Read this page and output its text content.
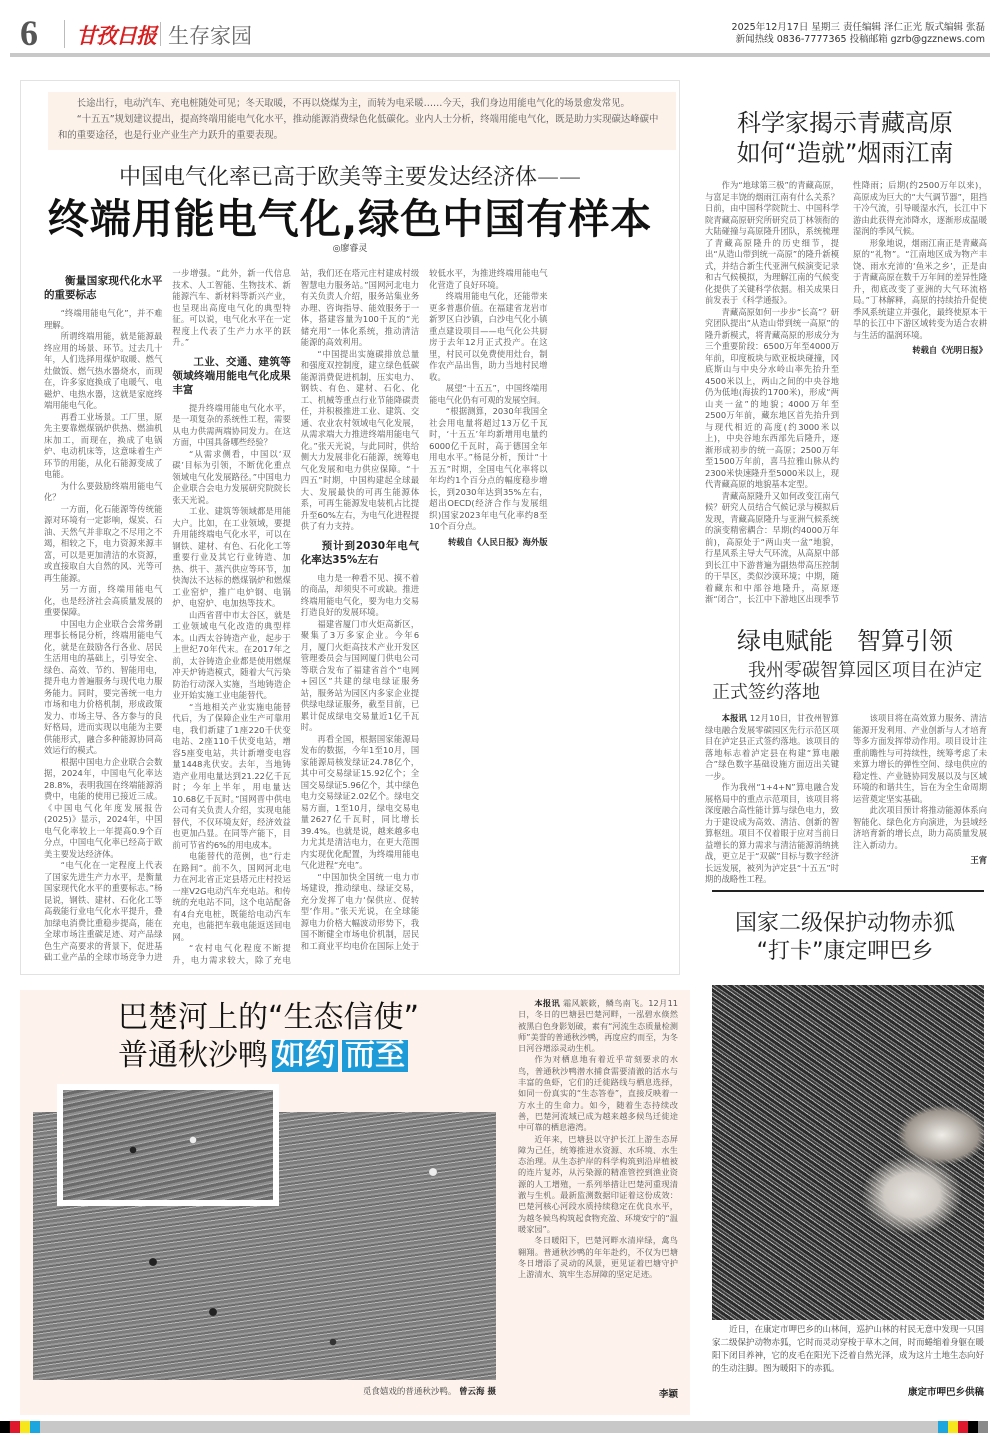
6 甘孜日报 生存家园	2025年12月17日 星期三 责任编辑 泽仁正光 版式编辑 张磊
新闻热线 0836-7777365 投稿邮箱 gzrb@gzznews.com

长途出行，电动汽车、充电桩随处可见；冬天取暖，不再以烧煤为主，而转为电采暖……今天，我们身边用能电气化的场景愈发常见。

“十五五”规划建议提出，提高终端用能电气化水平，推动能源消费绿色化低碳化。业内人士分析，终端用能电气化，既是助力实现碳达峰碳中和的重要途径，也是行业产业生产力跃升的重要表现。

中国电气化率已高于欧美等主要发达经济体——
终端用能电气化,绿色中国有样本
◎廖睿灵
衡量国家现代化水平的重要标志

“终端用能电气化”，并不难理解。

所谓终端用能，就是能源最终应用的场景、环节。过去几十年，人们选择用煤炉取暖、燃气灶做饭、燃气热水器烧水，而现在，许多家庭换成了电暖气、电磁炉、电热水器，这就是家庭终端用能电气化。

再看工业场景。工厂里，原先主要靠燃煤锅炉供热、燃油机床加工，而现在，换成了电锅炉、电动机床等，这意味着生产环节的用能，从化石能源变成了电能。

为什么要鼓励终端用能电气化？

一方面，化石能源等传统能源对环境有一定影响，煤炭、石油、天然气并非取之不尽用之不竭，相较之下，电力资源来源丰富，可以是更加清洁的水资源，或直接取自大自然的风、光等可再生能源。

另一方面，终端用能电气化，也是经济社会高质量发展的重要保障。

中国电力企业联合会常务副理事长杨昆分析，终端用能电气化，就是在鼓励各行各业、居民生活用电的基础上，引导安全、绿色、高效、节约、智能用电，提升电力普遍服务与现代电力服务能力。同时，要完善统一电力市场和电力价格机制，形成政策发力、市场主导、各方参与的良好格局，进而实现以电能为主要供能形式，融合多种能源协同高效运行的模式。

根据中国电力企业联合会数据，2024年，中国电气化率达28.8%，表明我国在终端能源消费中，电能的使用已接近三成。《中国电气化年度发展报告(2025)》显示，2024年，中国电气化率较上一年提高0.9个百分点，中国电气化率已经高于欧美主要发达经济体。

“电气化在一定程度上代表了国家先进生产力水平，是衡量国家现代化水平的重要标志。”杨昆说，钢铁、建材、石化化工等高载能行业电气化水平提升，叠加绿电消费比重稳步提高，能在全球市场注重碳足迹、对产品绿色生产高要求的背景下，促进基础工业产品的全球市场竞争力进一步增强。“此外，新一代信息技术、人工智能、生物技术、新能源汽车、新材料等新兴产业，也呈现出高度电气化的典型特征。可以说，电气化水平在一定程度上代表了生产力水平的跃升。”

工业、交通、建筑等领域终端用能电气化成果丰富

提升终端用能电气化水平，是一项复杂的系统性工程，需要从电力供需两端协同发力。在这方面，中国具备哪些经验？

“从需求侧看，中国以‘双碳’目标为引领，不断优化重点领域电气化发展路径。”中国电力企业联合会电力发展研究院院长张天光说。

工业、建筑等领域都是用能大户。比如，在工业领域，要提升用能终端电气化水平，可以在钢铁、建材、有色、石化化工等重要行业及其它行业铸造、加热、烘干、蒸汽供应等环节，加快淘汰不达标的燃煤锅炉和燃煤工业窑炉，推广电炉钢、电锅炉、电窑炉、电加热等技术。

山西省晋中市太谷区，就是工业领域电气化改造的典型样本。山西太谷铸造产业，起步于上世纪70年代末。在2017年之前，太谷铸造企业都是使用燃煤冲天炉铸造模式，随着大气污染防治行动深入实施，当地铸造企业开始实施工业电能替代。

“当地相关产业实施电能替代后，为了保障企业生产可靠用电，我们新建了1座220千伏变电站、2座110千伏变电站，增容5座变电站，共计新增变电容量1448兆伏安。去年，当地铸造产业用电量达到21.22亿千瓦时；今年上半年，用电量达10.68亿千瓦时。”国网晋中供电公司有关负责人介绍，实现电能替代，不仅环境友好，经济效益也更加凸显。在同等产能下，目前可节省约6%的用电成本。

电能替代的范例，也“行走在路间”。前不久，国网河北电力在河北省正定县塔元庄村投运一座V2G电动汽车充电站。和传统的充电站不同，这个电站配备有4台充电桩，既能给电动汽车充电，也能把车载电能返送回电网。

“农村电气化程度不断提升，电力需求较大，除了充电站，我们还在塔元庄村建成村级智慧电力服务站。”国网河北电力有关负责人介绍，服务站集业务办理、咨询指导、能效服务于一体，搭建容量为100千瓦的“光储充用”一体化系统，推动清洁能源的高效利用。

“中国提出实施碳排放总量和强度双控制度，建立绿色低碳能源消费促进机制，压实电力、钢铁、有色、建材、石化、化工、机械等重点行业节能降碳责任，并积极推进工业、建筑、交通、农业农村领域电气化发展，从需求端大力推进终端用能电气化。”张天光说，与此同时，供给侧大力发展非化石能源，统筹电气化发展和电力供应保障。“十四五”时期，中国构建起全球最大、发展最快的可再生能源体系，可再生能源发电装机占比提升至60%左右，为电气化进程提供了有力支持。

预计到2030年电气化率达35%左右

电力是一种看不见、摸不着的商品，却须臾不可或缺。推进终端用能电气化，要为电力交易打造良好的发展环境。

福建省厦门市火炬高新区，聚集了3万多家企业。今年6月，厦门火炬高技术产业开发区管理委员会与国网厦门供电公司等联合发布了福建省首个“电网+园区”共建的绿电绿证服务站，服务站为园区内多家企业提供绿电绿证服务，截至目前，已累计促成绿电交易量近1亿千瓦时。

再看全国，根据国家能源局发布的数据，今年1至10月，国家能源局核发绿证24.78亿个，其中可交易绿证15.92亿个；全国交易绿证5.96亿个，其中绿色电力交易绿证2.02亿个。绿电交易方面，1至10月，绿电交易电量2627亿千瓦时，同比增长39.4%。也就是说，越来越多电力尤其是清洁电力，在更大范围内实现优化配置，为终端用能电气化进程“充电”。

“中国加快全国统一电力市场建设，推动绿电、绿证交易，充分发挥了电力‘保供应、促转型’作用。”张天光说，在全球能源电力价格大幅波动形势下，我国不断健全市场电价机制，居民和工商业平均电价在国际上处于较低水平，为推进终端用能电气化营造了良好环境。

终端用能电气化，还能带来更多普惠价值。在福建省龙岩市新罗区白沙镇，白沙电气化小镇重点建设项目——电气化公共厨房于去年12月正式投产。在这里，村民可以免费使用灶台，制作农产品出售，助力当地村民增收。

展望“十五五”，中国终端用能电气化仍有可观的发展空间。

“根据测算，2030年我国全社会用电量将超过13万亿千瓦时，‘十五五’年均新增用电量约6000亿千瓦时，高于德国全年用电水平。”杨昆分析，预计“十五五”时期，全国电气化率将以年均约1个百分点的幅度稳步增长，到2030年达到35%左右，超出OECD(经济合作与发展组织)国家2023年电气化率约8至10个百分点。

转载自《人民日报》海外版

科学家揭示青藏高原
如何“造就”烟雨江南

作为“地球第三极”的青藏高原，与富足丰饶的烟雨江南有什么关系？日前，由中国科学院院士、中国科学院青藏高原研究所研究员丁林领衔的大陆碰撞与高原隆升团队，系统梳理了青藏高原隆升的历史细节，提出“从造山带到统一高原”的隆升新模式，并结合新生代亚洲气候演变记录和古气候模拟，为理解江南的气候变化提供了关键科学依据。相关成果日前发表于《科学通报》。

青藏高原如何一步步“长高”？研究团队提出“从造山带到统一高原”的隆升新模式，将青藏高原的形成分为三个重要阶段：6500万年至4000万年前，印度板块与欧亚板块碰撞，冈底斯山与中央分水岭山率先抬升至4500米以上，两山之间的中央谷地仍为低地(海拔约1700米)，形成“两山夹一盆”的地貌；4000万年至2500万年前，藏东地区首先抬升到与现代相近的高度(约3000米以上)，中央谷地东西部先后隆升，逐渐形成初步的统一高原；2500万年至1500万年前，喜马拉雅山脉从约2300米快速隆升至5000米以上，现代青藏高原的地貌基本定型。

青藏高原隆升又如何改变江南气候？研究人员结合气候记录与模拟后发现，青藏高原隆升与亚洲气候系统的演变精密耦合：早期(约4000万年前)，高原处于“两山夹一盆”地貌，行星风系主导大气环流，从高原中部到长江中下游普遍为副热带高压控制的干旱区，类似沙漠环境；中期，随着藏东和中部谷地隆升，高原逐渐“闭合”，长江中下游地区出现季节性降雨；后期(约2500万年以来)，高原成为巨大的“大气调节器”，阻挡干冷气流，引导暖湿水汽，长江中下游由此获得充沛降水，逐渐形成温暖湿润的季风气候。

形象地说，烟雨江南正是青藏高原的“礼物”。“江南地区成为物产丰饶、雨水充沛的‘鱼米之乡’，正是由于青藏高原在数千万年间的差异性隆升，彻底改变了亚洲的大气环流格局。”丁林解释，高原的持续抬升促使季风系统建立并强化，最终使原本干旱的长江中下游区域转变为适合农耕与生活的温润环境。

转载自《光明日报》

绿电赋能　智算引领
我州零碳智算园区项目在泸定正式签约落地

本报讯 12月10日，甘孜州智算绿电融合发展零碳园区先行示范区项目在泸定县正式签约落地。该项目的落地标志着泸定县在构建“算电融合”绿色数字基础设施方面迈出关键一步。

作为我州“1+4+N”算电融合发展格局中的重点示范项目，该项目将深度融合高性能计算与绿色电力，致力于建设成为高效、清洁、创新的智算枢纽。项目不仅着眼于应对当前日益增长的算力需求与清洁能源消纳挑战，更立足于“双碳”目标与数字经济长远发展，被列为泸定县“十五五”时期的战略性工程。

该项目将在高效算力服务、清洁能源开发利用、产业创新与人才培育等多方面发挥带动作用。项目设计注重前瞻性与可持续性，统筹考虑了未来算力增长的弹性空间、绿电供应的稳定性、产业链协同发展以及与区域环境的和谐共生，旨在为全生命周期运营奠定坚实基础。

此次项目预计将推动能源体系向智能化、绿色化方向演进，为县域经济培育新的增长点，助力高质量发展注入新动力。

王宵

国家二级保护动物赤狐
“打卡”康定呷巴乡
近日，在康定市呷巴乡的山林间，巡护山林的村民无意中发现一只国家二级保护动物赤狐，它时而灵动穿梭于草木之间，时而蜷缩着身躯在暖阳下闭目养神，它的皮毛在阳光下泛着自然光泽，成为这片土地生态向好的生动注脚。图为暖阳下的赤狐。
康定市呷巴乡供稿
巴楚河上的“生态信使”
普通秋沙鸭 如约 而至
觅食嬉戏的普通秋沙鸭。 曾云海 摄

本报讯 霜风簌簌，鳞鸟南飞。12月11日，冬日的巴塘县巴楚河畔，一泓碧水倏然被黑白色身影划破，素有“河流生态质量检测师”美誉的普通秋沙鸭，再度应约而至，为冬日河谷增添灵动生机。

作为对栖息地有着近乎苛刻要求的水鸟，普通秋沙鸭潜水捕食需要清澈的活水与丰富的鱼虾，它们的迁徙路线与栖息选择，如同一份真实的“生态答卷”，直接反映着一方水土的生命力。如今，随着生态持续改善，巴楚河流域已成为越来越多候鸟迁徙途中可靠的栖息港湾。

近年来，巴塘县以守护长江上游生态屏障为己任，统筹推进水资源、水环境、水生态治理。从生态护岸的科学构筑到沿岸植被的连片复苏，从污染源的精准管控到渔业资源的人工增殖，一系列举措让巴楚河重现清澈与生机。最新监测数据印证着这份成效：巴楚河核心河段水质持续稳定在优良水平，为越冬候鸟构筑起食物充盈、环境安宁的“温暖家园”。

冬日暖阳下，巴楚河畔水清岸绿，禽鸟翱翔。普通秋沙鸭的年年赴约，不仅为巴塘冬日增添了灵动的风景，更见证着巴塘守护上游清水、筑牢生态屏障的坚定足迹。

李颖
